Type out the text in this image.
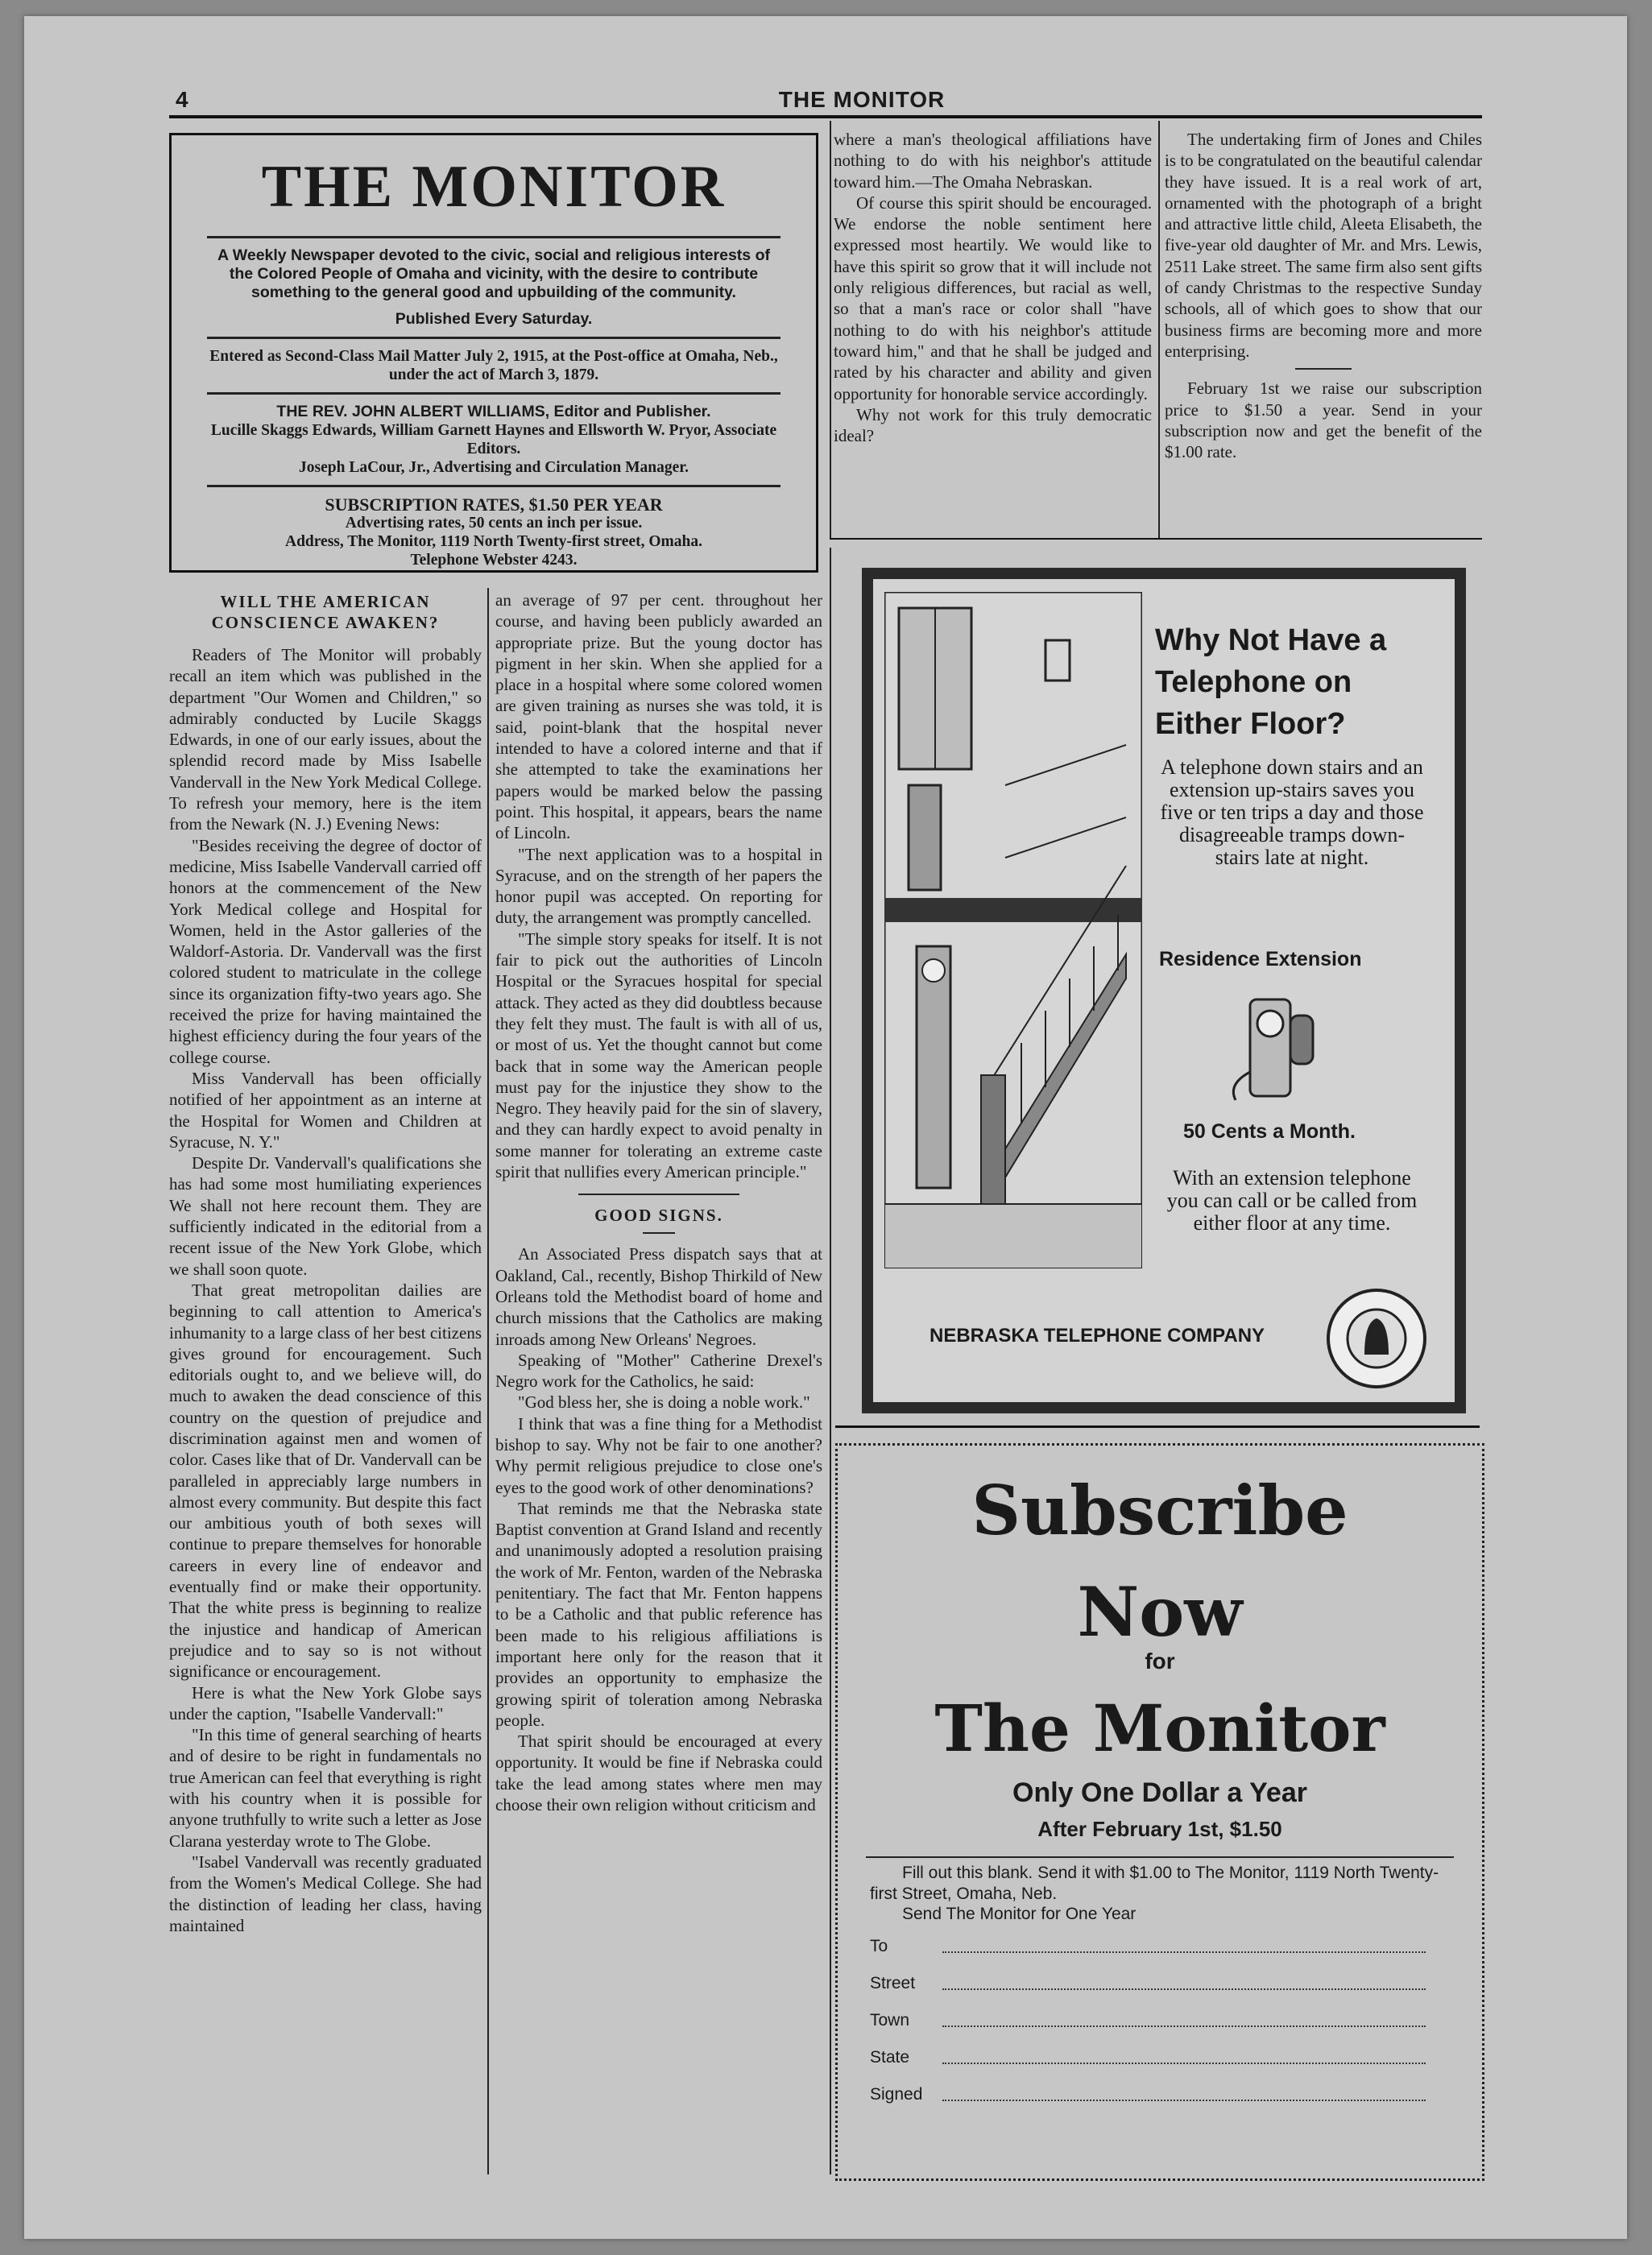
4	THE MONITOR
THE MONITOR
A Weekly Newspaper devoted to the civic, social and religious interests of the Colored People of Omaha and vicinity, with the desire to contribute something to the general good and upbuilding of the community.
Published Every Saturday.
Entered as Second-Class Mail Matter July 2, 1915, at the Post-office at Omaha, Neb., under the act of March 3, 1879.
THE REV. JOHN ALBERT WILLIAMS, Editor and Publisher.
Lucille Skaggs Edwards, William Garnett Haynes and Ellsworth W. Pryor, Associate Editors.
Joseph LaCour, Jr., Advertising and Circulation Manager.
SUBSCRIPTION RATES, $1.50 PER YEAR
Advertising rates, 50 cents an inch per issue.
Address, The Monitor, 1119 North Twenty-first street, Omaha.
Telephone Webster 4243.

where a man's theological affiliations have nothing to do with his neighbor's attitude toward him.—The Omaha Nebraskan.

Of course this spirit should be encouraged. We endorse the noble sentiment here expressed most heartily. We would like to have this spirit so grow that it will include not only religious differences, but racial as well, so that a man's race or color shall "have nothing to do with his neighbor's attitude toward him," and that he shall be judged and rated by his character and ability and given opportunity for honorable service accordingly.

Why not work for this truly democratic ideal?

The undertaking firm of Jones and Chiles is to be congratulated on the beautiful calendar they have issued. It is a real work of art, ornamented with the photograph of a bright and attractive little child, Aleeta Elisabeth, the five-year old daughter of Mr. and Mrs. Lewis, 2511 Lake street. The same firm also sent gifts of candy Christmas to the respective Sunday schools, all of which goes to show that our business firms are becoming more and more enterprising.

February 1st we raise our subscription price to $1.50 a year. Send in your subscription now and get the benefit of the $1.00 rate.

WILL THE AMERICAN CONSCIENCE AWAKEN?

Readers of The Monitor will probably recall an item which was published in the department "Our Women and Children," so admirably conducted by Lucile Skaggs Edwards, in one of our early issues, about the splendid record made by Miss Isabelle Vandervall in the New York Medical College. To refresh your memory, here is the item from the Newark (N. J.) Evening News:

"Besides receiving the degree of doctor of medicine, Miss Isabelle Vandervall carried off honors at the commencement of the New York Medical college and Hospital for Women, held in the Astor galleries of the Waldorf-Astoria. Dr. Vandervall was the first colored student to matriculate in the college since its organization fifty-two years ago. She received the prize for having maintained the highest efficiency during the four years of the college course.

Miss Vandervall has been officially notified of her appointment as an interne at the Hospital for Women and Children at Syracuse, N. Y."

Despite Dr. Vandervall's qualifications she has had some most humiliating experiences We shall not here recount them. They are sufficiently indicated in the editorial from a recent issue of the New York Globe, which we shall soon quote.

That great metropolitan dailies are beginning to call attention to America's inhumanity to a large class of her best citizens gives ground for encouragement. Such editorials ought to, and we believe will, do much to awaken the dead conscience of this country on the question of prejudice and discrimination against men and women of color. Cases like that of Dr. Vandervall can be paralleled in appreciably large numbers in almost every community. But despite this fact our ambitious youth of both sexes will continue to prepare themselves for honorable careers in every line of endeavor and eventually find or make their opportunity. That the white press is beginning to realize the injustice and handicap of American prejudice and to say so is not without significance or encouragement.

Here is what the New York Globe says under the caption, "Isabelle Vandervall:"

"In this time of general searching of hearts and of desire to be right in fundamentals no true American can feel that everything is right with his country when it is possible for anyone truthfully to write such a letter as Jose Clarana yesterday wrote to The Globe.

"Isabel Vandervall was recently graduated from the Women's Medical College. She had the distinction of leading her class, having maintained

an average of 97 per cent. throughout her course, and having been publicly awarded an appropriate prize. But the young doctor has pigment in her skin. When she applied for a place in a hospital where some colored women are given training as nurses she was told, it is said, point-blank that the hospital never intended to have a colored interne and that if she attempted to take the examinations her papers would be marked below the passing point. This hospital, it appears, bears the name of Lincoln.

"The next application was to a hospital in Syracuse, and on the strength of her papers the honor pupil was accepted. On reporting for duty, the arrangement was promptly cancelled.

"The simple story speaks for itself. It is not fair to pick out the authorities of Lincoln Hospital or the Syracues hospital for special attack. They acted as they did doubtless because they felt they must. The fault is with all of us, or most of us. Yet the thought cannot but come back that in some way the American people must pay for the injustice they show to the Negro. They heavily paid for the sin of slavery, and they can hardly expect to avoid penalty in some manner for tolerating an extreme caste spirit that nullifies every American principle."

GOOD SIGNS.

An Associated Press dispatch says that at Oakland, Cal., recently, Bishop Thirkild of New Orleans told the Methodist board of home and church missions that the Catholics are making inroads among New Orleans' Negroes.

Speaking of "Mother" Catherine Drexel's Negro work for the Catholics, he said:

"God bless her, she is doing a noble work."

I think that was a fine thing for a Methodist bishop to say. Why not be fair to one another? Why permit religious prejudice to close one's eyes to the good work of other denominations?

That reminds me that the Nebraska state Baptist convention at Grand Island and recently and unanimously adopted a resolution praising the work of Mr. Fenton, warden of the Nebraska penitentiary. The fact that Mr. Fenton happens to be a Catholic and that public reference has been made to his religious affiliations is important here only for the reason that it provides an opportunity to emphasize the growing spirit of toleration among Nebraska people.

That spirit should be encouraged at every opportunity. It would be fine if Nebraska could take the lead among states where men may choose their own religion without criticism and

Why Not Have a Telephone on Either Floor?
A telephone down stairs and an extension up-stairs saves you five or ten trips a day and those disagreeable tramps down-stairs late at night.
Residence Extension
50 Cents a Month.
With an extension telephone you can call or be called from either floor at any time.
NEBRASKA TELEPHONE COMPANY
Subscribe
Now
for
The Monitor
Only One Dollar a Year
After February 1st, $1.50
Fill out this blank. Send it with $1.00 to The Monitor, 1119 North Twenty-first Street, Omaha, Neb.
Send The Monitor for One Year
To
Street
Town
State
Signed
